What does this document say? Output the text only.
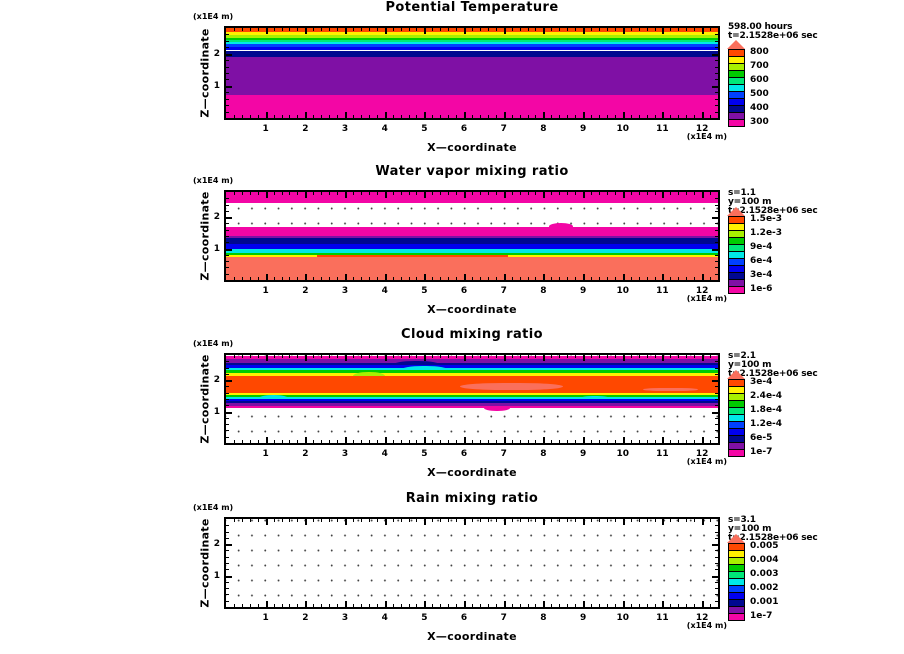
Potential Temperature
1	2	3	4	5	6	7	8	9	10	11	12
1
2
(x1E4 m)
(x1E4 m)
X—coordinate
Z—coordinate
598.00 hours
t=2.1528e+06 sec
800
700
600
500
400
300
Water vapor mixing ratio
1	2	3	4	5	6	7	8	9	10	11	12
1
2
(x1E4 m)
(x1E4 m)
X—coordinate
Z—coordinate	s=1.1
y=100 m
t=2.1528e+06 sec
1.5e-3
1.2e-3
9e-4
6e-4
3e-4
1e-6
Cloud mixing ratio
1	2	3	4	5	6	7	8	9	10	11	12
1
2
(x1E4 m)
(x1E4 m)
X—coordinate
Z—coordinate	s=2.1
y=100 m
t=2.1528e+06 sec
3e-4
2.4e-4
1.8e-4
1.2e-4
6e-5
1e-7
Rain mixing ratio
1	2	3	4	5	6	7	8	9	10	11	12
1
2
(x1E4 m)
(x1E4 m)
X—coordinate
Z—coordinate	s=3.1
y=100 m
t=2.1528e+06 sec
0.005
0.004
0.003
0.002
0.001
1e-7
